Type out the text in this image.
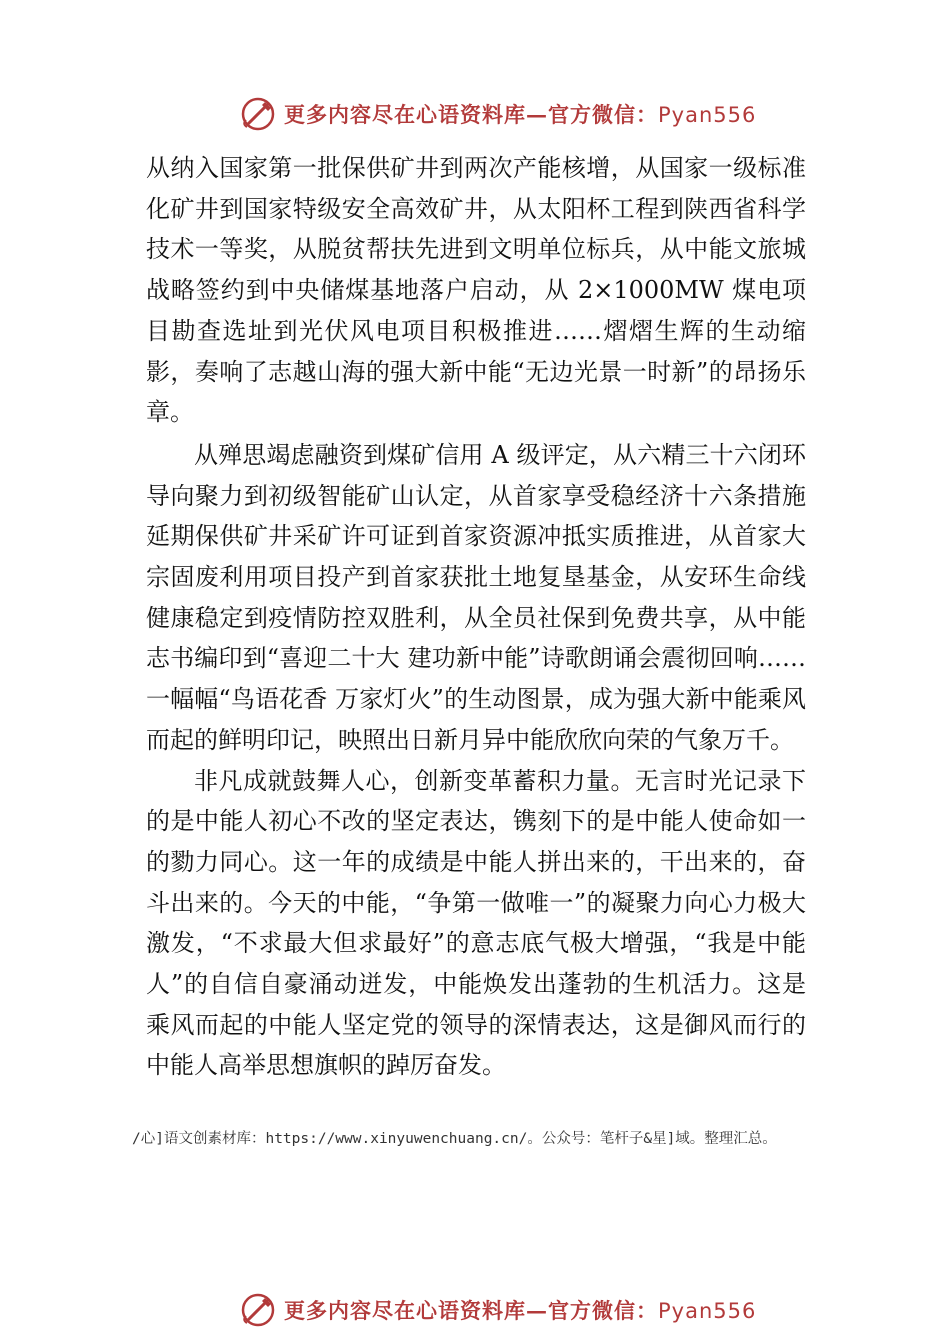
更多内容尽在心语资料库—官方微信：Pyan556

从纳入国家第一批保供矿井到两次产能核增，从国家一级标准化矿井到国家特级安全高效矿井，从太阳杯工程到陕西省科学技术一等奖，从脱贫帮扶先进到文明单位标兵，从中能文旅城战略签约到中央储煤基地落户启动，从 2×1000MW 煤电项目勘查选址到光伏风电项目积极推进……熠熠生辉的生动缩影，奏响了志越山海的强大新中能“无边光景一时新”的昂扬乐章。

从殚思竭虑融资到煤矿信用 A 级评定，从六精三十六闭环导向聚力到初级智能矿山认定，从首家享受稳经济十六条措施延期保供矿井采矿许可证到首家资源冲抵实质推进，从首家大宗固废利用项目投产到首家获批土地复垦基金，从安环生命线健康稳定到疫情防控双胜利，从全员社保到免费共享，从中能志书编印到“喜迎二十大 建功新中能”诗歌朗诵会震彻回响……一幅幅“鸟语花香 万家灯火”的生动图景，成为强大新中能乘风而起的鲜明印记，映照出日新月异中能欣欣向荣的气象万千。

非凡成就鼓舞人心，创新变革蓄积力量。无言时光记录下的是中能人初心不改的坚定表达，镌刻下的是中能人使命如一的勠力同心。这一年的成绩是中能人拼出来的，干出来的，奋斗出来的。今天的中能，“争第一做唯一”的凝聚力向心力极大激发，“不求最大但求最好”的意志底气极大增强，“我是中能人”的自信自豪涌动迸发，中能焕发出蓬勃的生机活力。这是乘风而起的中能人坚定党的领导的深情表达，这是御风而行的中能人高举思想旗帜的踔厉奋发。

/心]语文创素材库：https://www.xinyuwenchuang.cn/。公众号：笔杆子&星]域。整理汇总。
更多内容尽在心语资料库—官方微信：Pyan556
